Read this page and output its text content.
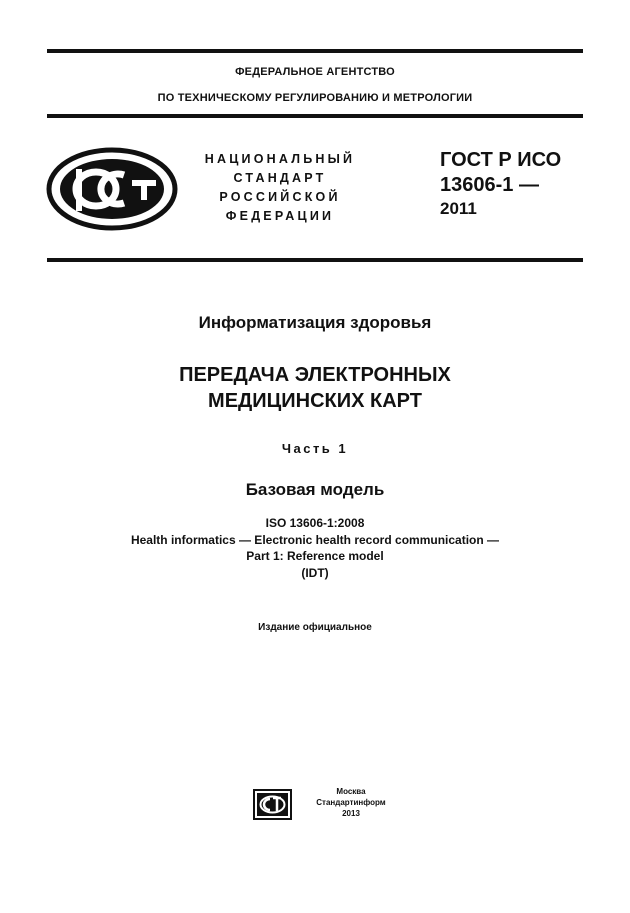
ФЕДЕРАЛЬНОЕ АГЕНТСТВО
ПО ТЕХНИЧЕСКОМУ РЕГУЛИРОВАНИЮ И МЕТРОЛОГИИ
НАЦИОНАЛЬНЫЙ
СТАНДАРТ
РОССИЙСКОЙ
ФЕДЕРАЦИИ
ГОСТ Р ИСО
13606-1 —
2011
Информатизация здоровья
ПЕРЕДАЧА ЭЛЕКТРОННЫХ
МЕДИЦИНСКИХ КАРТ
Часть 1
Базовая модель
ISO 13606-1:2008
Health informatics — Electronic health record communication —
Part 1: Reference model
(IDT)
Издание официальное
Москва
Стандартинформ
2013
